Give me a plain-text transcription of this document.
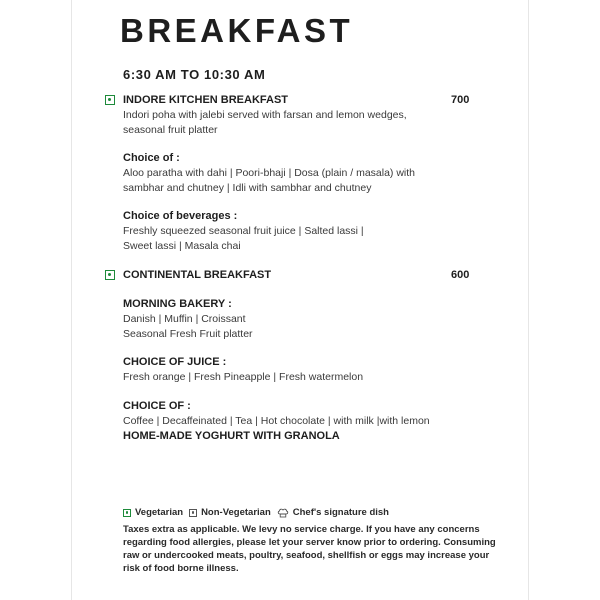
BREAKFAST
6:30 AM TO 10:30 AM
INDORE KITCHEN BREAKFAST	700
Indori poha with jalebi served with farsan and lemon wedges,
seasonal fruit platter
Choice of :
Aloo paratha with dahi | Poori-bhaji | Dosa (plain / masala) with
sambhar and chutney | Idli with sambhar and chutney
Choice of beverages :
Freshly squeezed seasonal fruit juice | Salted lassi |
Sweet lassi | Masala chai
CONTINENTAL BREAKFAST	600
MORNING BAKERY :
Danish | Muffin | Croissant
Seasonal Fresh Fruit platter
CHOICE OF JUICE :
Fresh orange | Fresh Pineapple | Fresh watermelon
CHOICE OF :
Coffee | Decaffeinated | Tea | Hot chocolate | with milk |with lemon
HOME-MADE YOGHURT WITH GRANOLA
Vegetarian Non-Vegetarian Chef's signature dish
Taxes extra as applicable. We levy no service charge. If you have any concerns
regarding food allergies, please let your server know prior to ordering. Consuming
raw or undercooked meats, poultry, seafood, shellfish or eggs may increase your
risk of food borne illness.
